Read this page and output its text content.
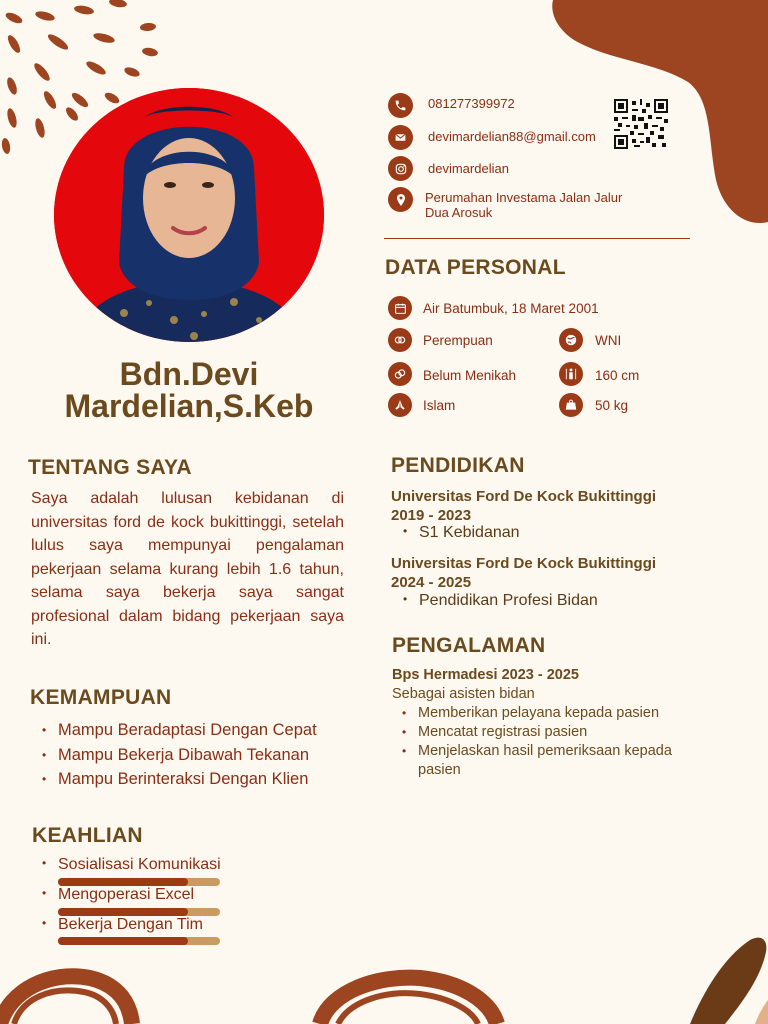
Bdn.Devi Mardelian,S.Keb
TENTANG SAYA
Saya adalah lulusan kebidanan di universitas ford de kock bukittinggi, setelah lulus saya mempunyai pengalaman pekerjaan selama kurang lebih 1.6 tahun, selama saya bekerja saya sangat profesional dalam bidang pekerjaan saya ini.
KEMAMPUAN
• Mampu Beradaptasi Dengan Cepat
• Mampu Bekerja Dibawah Tekanan
• Mampu Berinteraksi Dengan Klien
KEAHLIAN
• Sosialisasi Komunikasi
• Mengoperasi Excel
• Bekerja Dengan Tim
081277399972
devimardelian88@gmail.com
devimardelian
Perumahan Investama Jalan Jalur Dua Arosuk
DATA PERSONAL
Air Batumbuk, 18 Maret 2001
Perempuan	WNI
Belum Menikah	160 cm
Islam	50 kg
PENDIDIKAN
Universitas Ford De Kock Bukittinggi
2019 - 2023
• S1 Kebidanan
Universitas Ford De Kock Bukittinggi
2024 - 2025
• Pendidikan Profesi Bidan
PENGALAMAN
Bps Hermadesi 2023 - 2025
Sebagai asisten bidan
• Memberikan pelayana kepada pasien
• Mencatat registrasi pasien
• Menjelaskan hasil pemeriksaan kepada pasien
